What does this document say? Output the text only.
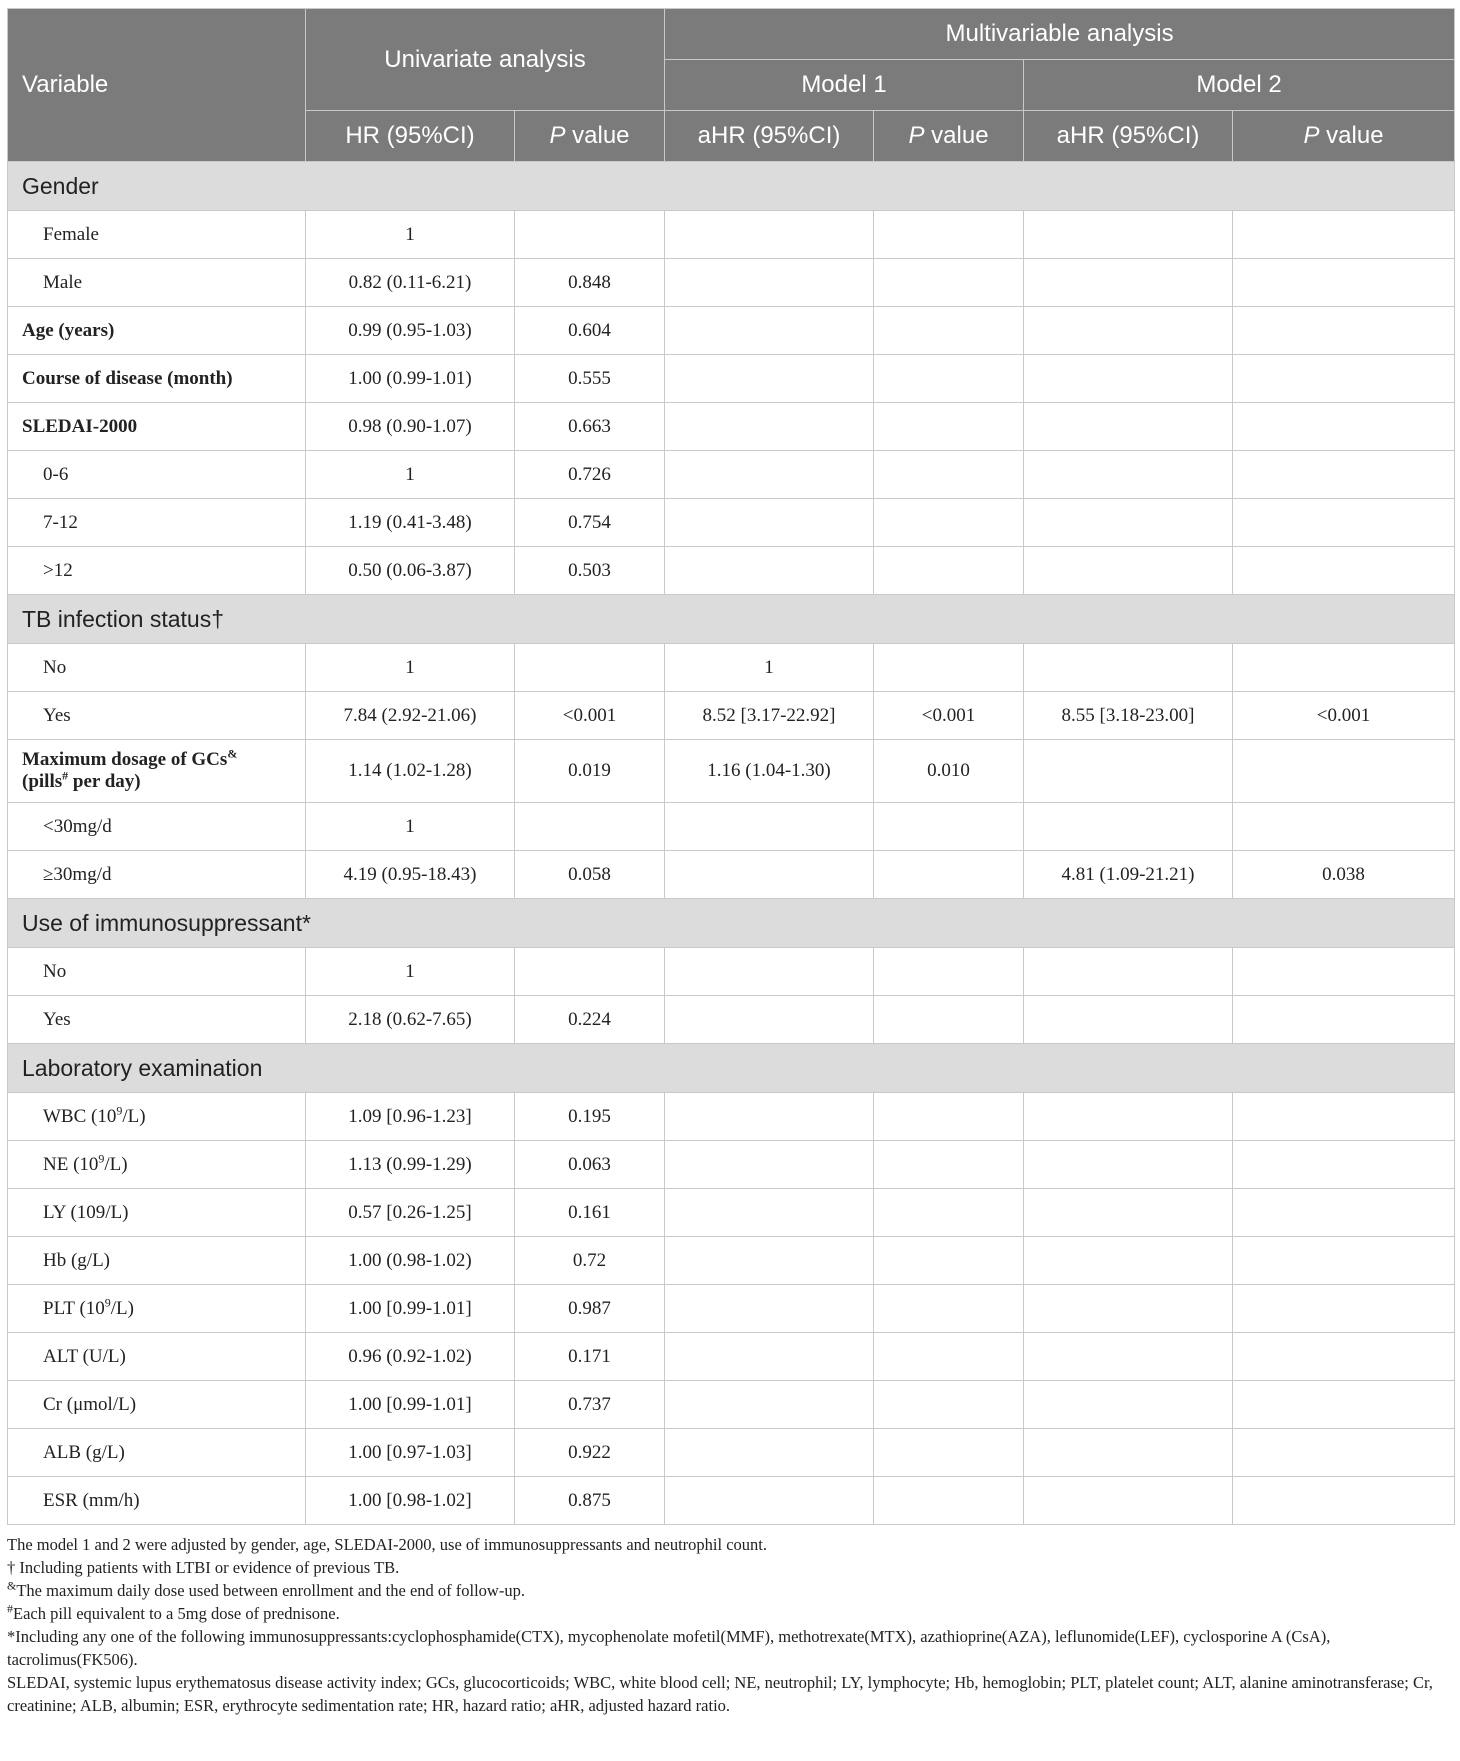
Variable	Univariate analysis		Multivariable analysis			
			Model 1		Model 2	
	HR (95%CI)	P value	aHR (95%CI)	P value	aHR (95%CI)	P value
Gender						
Female	1					
Male	0.82 (0.11-6.21)	0.848				
Age (years)	0.99 (0.95-1.03)	0.604				
Course of disease (month)	1.00 (0.99-1.01)	0.555				
SLEDAI-2000	0.98 (0.90-1.07)	0.663				
0-6	1	0.726				
7-12	1.19 (0.41-3.48)	0.754				
>12	0.50 (0.06-3.87)	0.503				
TB infection status†						
No	1		1			
Yes	7.84 (2.92-21.06)	<0.001	8.52 [3.17-22.92]	<0.001	8.55 [3.18-23.00]	<0.001
Maximum dosage of GCs&
(pills# per day)	1.14 (1.02-1.28)	0.019	1.16 (1.04-1.30)	0.010		
<30mg/d	1					
≥30mg/d	4.19 (0.95-18.43)	0.058			4.81 (1.09-21.21)	0.038
Use of immunosuppressant*						
No	1					
Yes	2.18 (0.62-7.65)	0.224				
Laboratory examination						
WBC $(10^9/L)$	1.09 [0.96-1.23]	0.195				
NE $(10^9/L)$	1.13 (0.99-1.29)	0.063				
LY (109/L)	0.57 [0.26-1.25]	0.161				
Hb (g/L)	1.00 (0.98-1.02)	0.72				
PLT $(10^9/L)$	1.00 [0.99-1.01]	0.987				
ALT (U/L)	0.96 (0.92-1.02)	0.171				
Cr (μmol/L)	1.00 [0.99-1.01]	0.737				
ALB (g/L)	1.00 [0.97-1.03]	0.922				
ESR (mm/h)	1.00 [0.98-1.02]	0.875				

The model 1 and 2 were adjusted by gender, age, SLEDAI-2000, use of immunosuppressants and neutrophil count.

† Including patients with LTBI or evidence of previous TB.

&The maximum daily dose used between enrollment and the end of follow-up.

#Each pill equivalent to a 5mg dose of prednisone.

*Including any one of the following immunosuppressants:cyclophosphamide(CTX), mycophenolate mofetil(MMF), methotrexate(MTX), azathioprine(AZA), leflunomide(LEF), cyclosporine A (CsA), tacrolimus(FK506).

SLEDAI, systemic lupus erythematosus disease activity index; GCs, glucocorticoids; WBC, white blood cell; NE, neutrophil; LY, lymphocyte; Hb, hemoglobin; PLT, platelet count; ALT, alanine aminotransferase; Cr, creatinine; ALB, albumin; ESR, erythrocyte sedimentation rate; HR, hazard ratio; aHR, adjusted hazard ratio.
